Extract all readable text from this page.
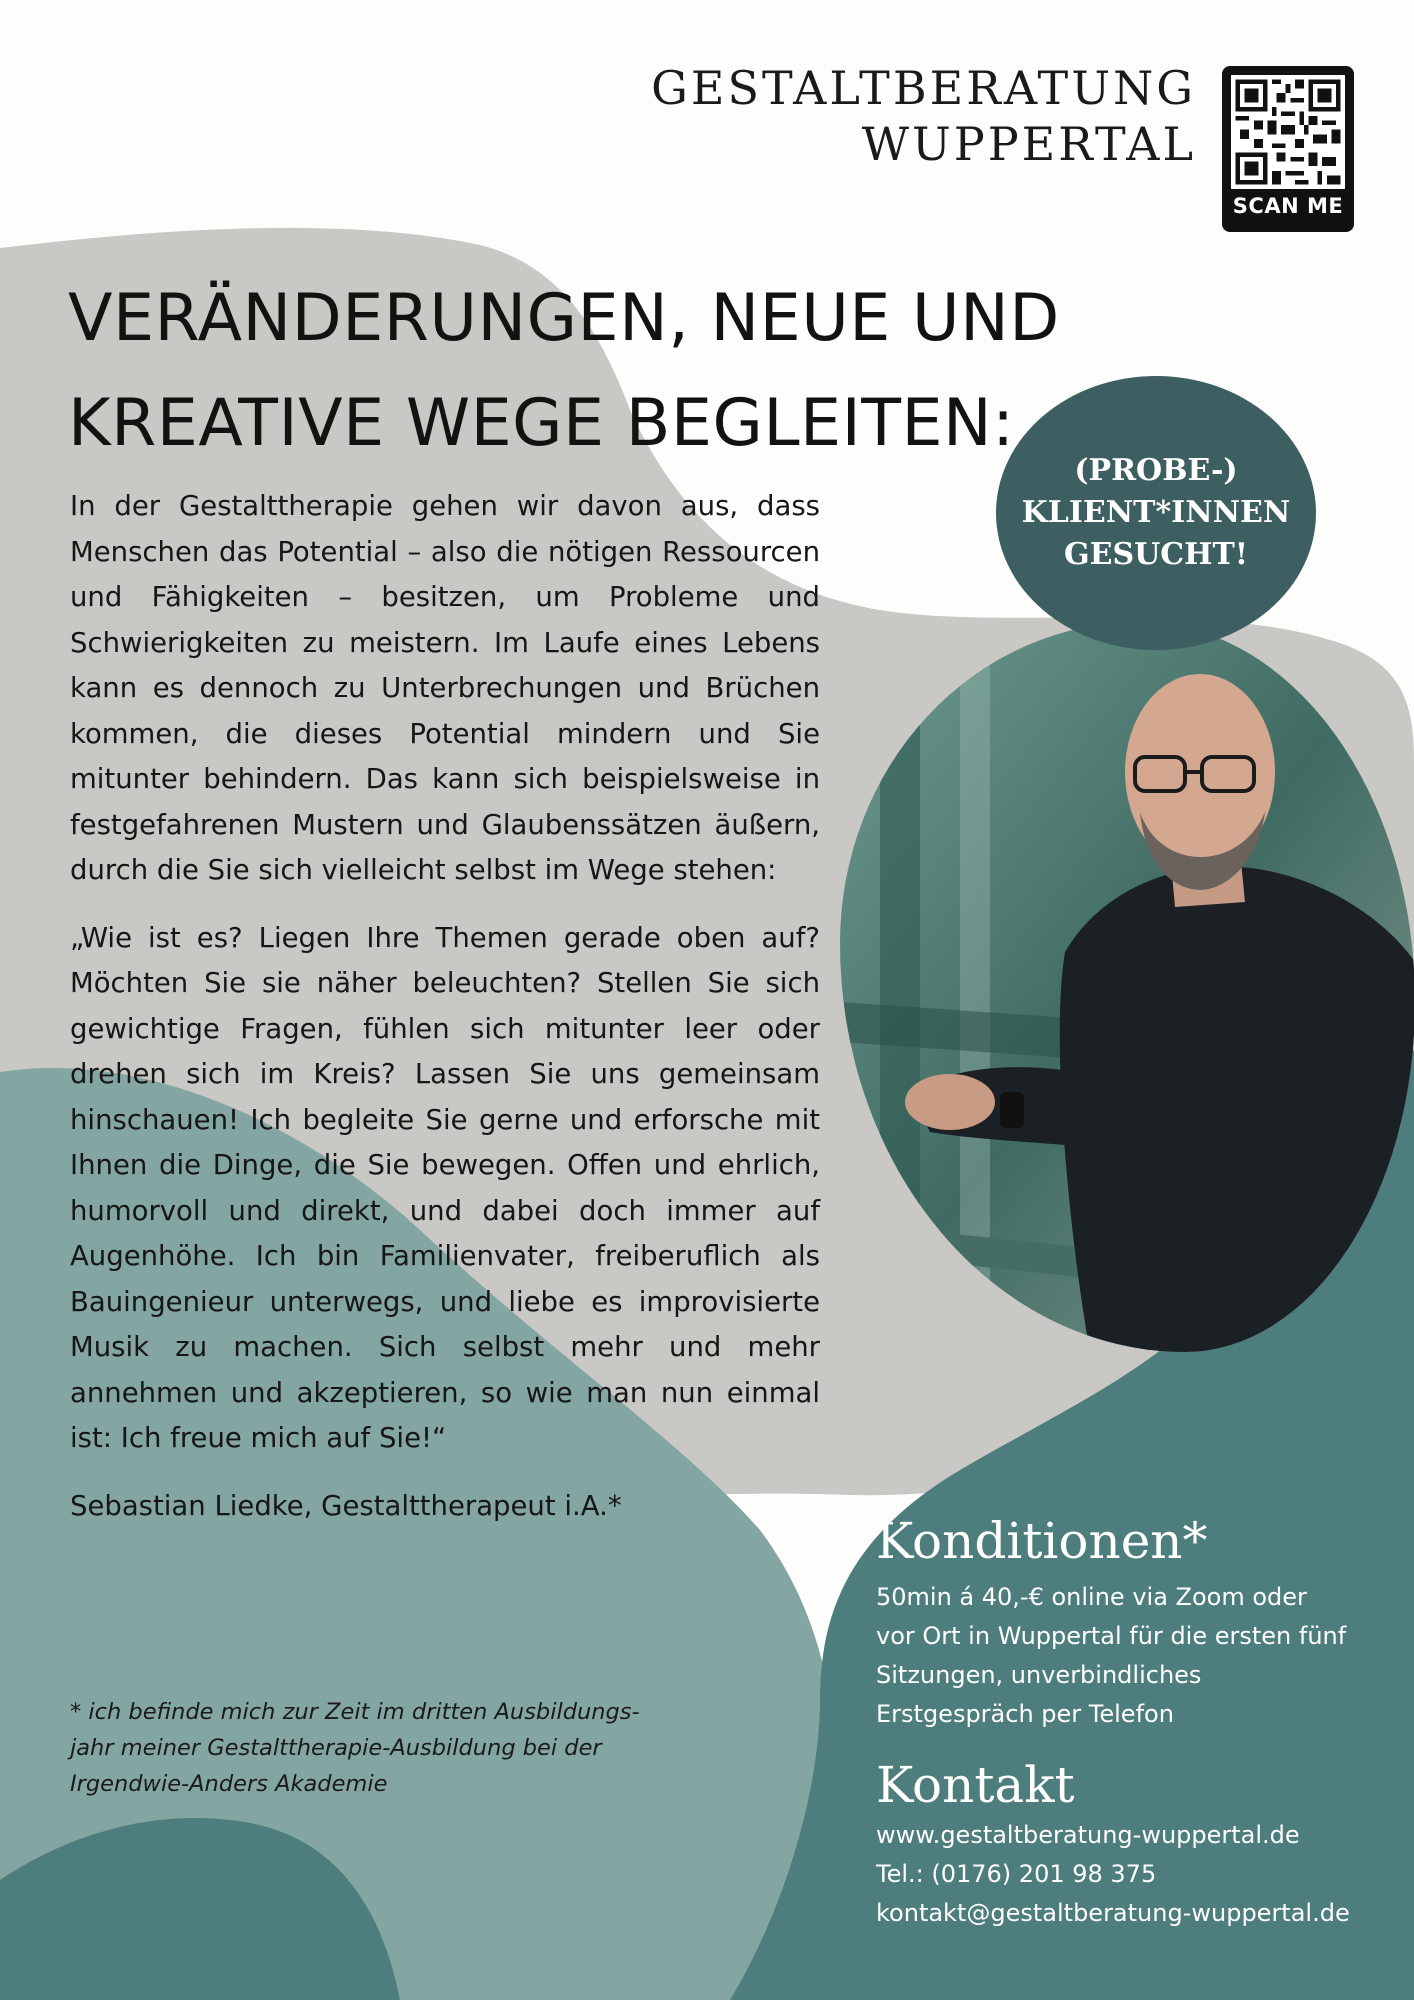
GESTALTBERATUNG
WUPPERTAL
SCAN ME
VERÄNDERUNGEN, NEUE UND
KREATIVE WEGE BEGLEITEN:
(PROBE-)
KLIENT*INNEN
GESUCHT!

In der Gestalttherapie gehen wir davon aus, dass Menschen das Potential – also die nötigen Ressourcen und Fähigkeiten – besitzen, um Probleme und Schwierigkeiten zu meistern. Im Laufe eines Lebens kann es dennoch zu Unterbrechungen und Brüchen kommen, die dieses Potential mindern und Sie mitunter behindern. Das kann sich beispielsweise in festgefahrenen Mustern und Glaubenssätzen äußern, durch die Sie sich vielleicht selbst im Wege stehen:

„Wie ist es? Liegen Ihre Themen gerade oben auf? Möchten Sie sie näher beleuchten? Stellen Sie sich gewichtige Fragen, fühlen sich mitunter leer oder drehen sich im Kreis? Lassen Sie uns gemeinsam hinschauen! Ich begleite Sie gerne und erforsche mit Ihnen die Dinge, die Sie bewegen. Offen und ehrlich, humorvoll und direkt, und dabei doch immer auf Augenhöhe. Ich bin Familienvater, freiberuflich als Bauingenieur unterwegs, und liebe es improvisierte Musik zu machen. Sich selbst mehr und mehr annehmen und akzeptieren, so wie man nun einmal ist: Ich freue mich auf Sie!“

Sebastian Liedke, Gestalttherapeut i.A.*

* ich befinde mich zur Zeit im dritten Ausbildungs-
jahr meiner Gestalttherapie-Ausbildung bei der
Irgendwie-Anders Akademie
Konditionen*

50min á 40,-€ online via Zoom oder
vor Ort in Wuppertal für die ersten fünf
Sitzungen, unverbindliches
Erstgespräch per Telefon

Kontakt
www.gestaltberatung-wuppertal.de
Tel.: (0176) 201 98 375
kontakt@gestaltberatung-wuppertal.de
